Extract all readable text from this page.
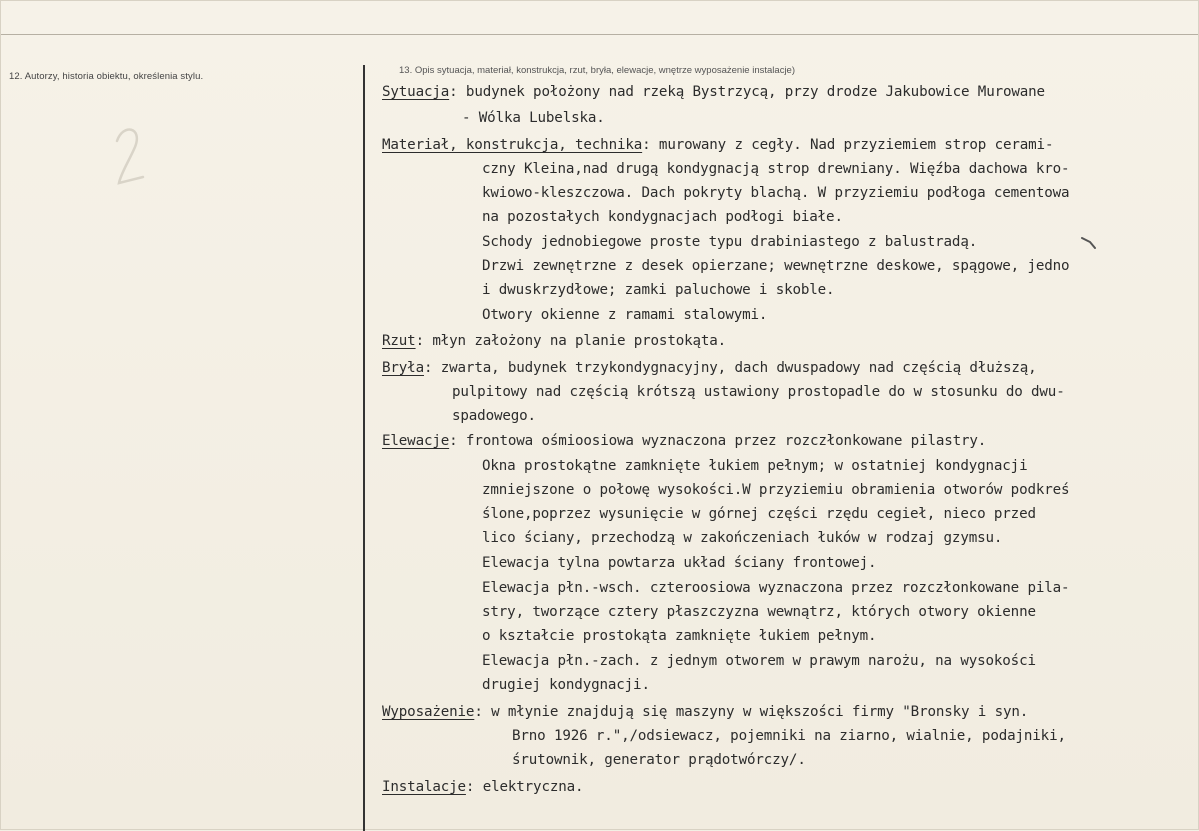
12. Autorzy, historia obiektu, określenia stylu.
13. Opis sytuacja, materiał, konstrukcja, rzut, bryła, elewacje, wnętrze wyposażenie instalacje)
Sytuacja: budynek położony nad rzeką Bystrzycą, przy drodze Jakubowice Murowane
- Wólka Lubelska.
Materiał, konstrukcja, technika: murowany z cegły. Nad przyziemiem strop cerami-
czny Kleina,nad drugą kondygnacją strop drewniany. Więźba dachowa kro-
kwiowo-kleszczowa. Dach pokryty blachą. W przyziemiu podłoga cementowa
na pozostałych kondygnacjach podłogi białe.
Schody jednobiegowe proste typu drabiniastego z balustradą.
Drzwi zewnętrzne z desek opierzane; wewnętrzne deskowe, spągowe, jedno
i dwuskrzydłowe; zamki paluchowe i skoble.
Otwory okienne z ramami stalowymi.
Rzut: młyn założony na planie prostokąta.
Bryła: zwarta, budynek trzykondygnacyjny, dach dwuspadowy nad częścią dłuższą,
pulpitowy nad częścią krótszą ustawiony prostopadle do w stosunku do dwu-
spadowego.
Elewacje: frontowa ośmioosiowa wyznaczona przez rozczłonkowane pilastry.
Okna prostokątne zamknięte łukiem pełnym; w ostatniej kondygnacji
zmniejszone o połowę wysokości.W przyziemiu obramienia otworów podkreś
ślone,poprzez wysunięcie w górnej części rzędu cegieł, nieco przed
lico ściany, przechodzą w zakończeniach łuków w rodzaj gzymsu.
Elewacja tylna powtarza układ ściany frontowej.
Elewacja płn.-wsch. czteroosiowa wyznaczona przez rozczłonkowane pila-
stry, tworzące cztery płaszczyzna wewnątrz, których otwory okienne
o kształcie prostokąta zamknięte łukiem pełnym.
Elewacja płn.-zach. z jednym otworem w prawym narożu, na wysokości
drugiej kondygnacji.
Wyposażenie: w młynie znajdują się maszyny w większości firmy "Bronsky i syn.
Brno 1926 r.",/odsiewacz, pojemniki na ziarno, wialnie, podajniki,
śrutownik, generator prądotwórczy/.
Instalacje: elektryczna.
